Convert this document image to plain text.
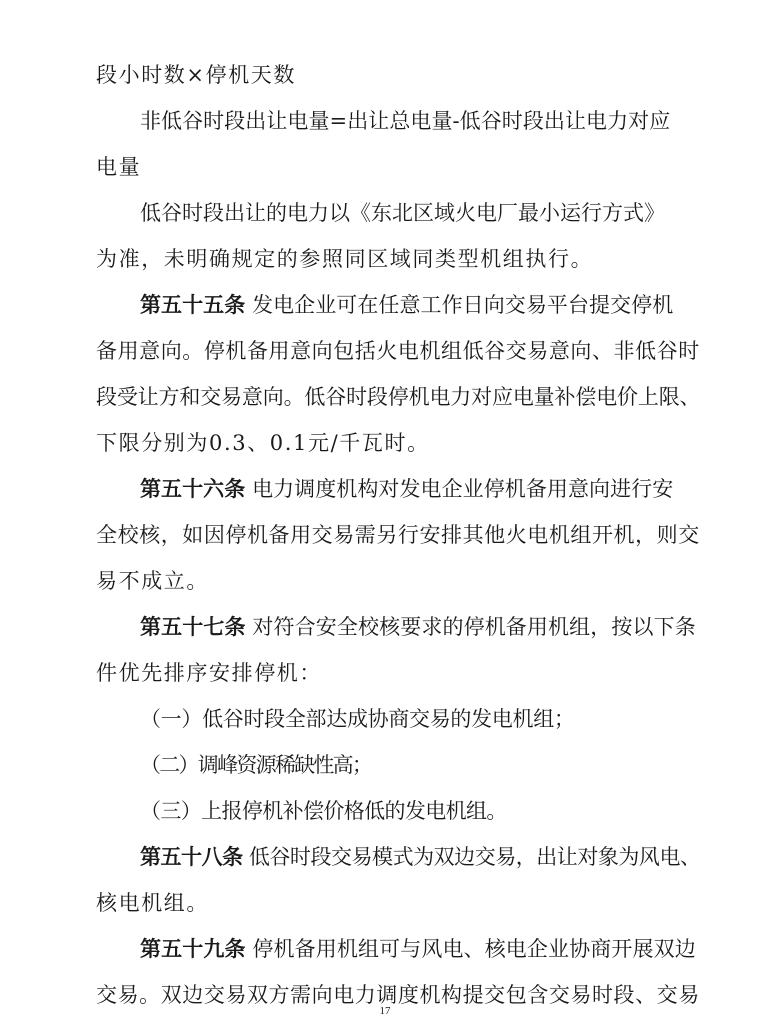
段小时数×停机天数
非低谷时段出让电量=出让总电量-低谷时段出让电力对应
电量
低谷时段出让的电力以《东北区域火电厂最小运行方式》
为准，未明确规定的参照同区域同类型机组执行。
第五十五条 发电企业可在任意工作日向交易平台提交停机
备用意向。停机备用意向包括火电机组低谷交易意向、非低谷时
段受让方和交易意向。低谷时段停机电力对应电量补偿电价上限、
下限分别为0.3、0.1元/千瓦时。
第五十六条 电力调度机构对发电企业停机备用意向进行安
全校核，如因停机备用交易需另行安排其他火电机组开机，则交
易不成立。
第五十七条 对符合安全校核要求的停机备用机组，按以下条
件优先排序安排停机：
（一）低谷时段全部达成协商交易的发电机组；
（二）调峰资源稀缺性高；
（三）上报停机补偿价格低的发电机组。
第五十八条 低谷时段交易模式为双边交易，出让对象为风电、
核电机组。
第五十九条 停机备用机组可与风电、核电企业协商开展双边
交易。双边交易双方需向电力调度机构提交包含交易时段、交易
17
